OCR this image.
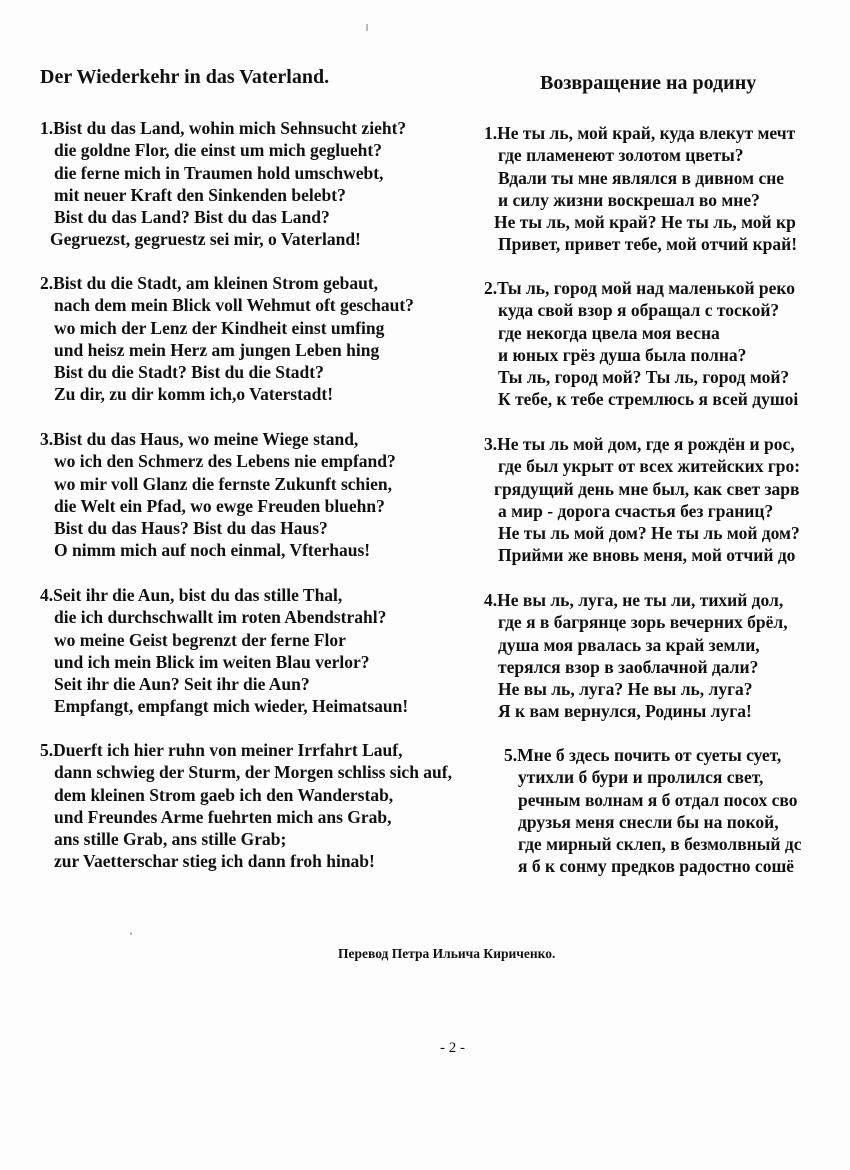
Der Wiederkehr in das Vaterland.
1.Bist du das Land, wohin mich Sehnsucht zieht?
die goldne Flor, die einst um mich geglueht?
die ferne mich in Traumen hold umschwebt,
mit neuer Kraft den Sinkenden belebt?
Bist du das Land? Bist du das Land?
Gegruezst, gegruestz sei mir, o Vaterland!
2.Bist du die Stadt, am kleinen Strom gebaut,
nach dem mein Blick voll Wehmut oft geschaut?
wo mich der Lenz der Kindheit einst umfing
und heisz mein Herz am jungen Leben hing
Bist du die Stadt? Bist du die Stadt?
Zu dir, zu dir komm ich,o Vaterstadt!
3.Bist du das Haus, wo meine Wiege stand,
wo ich den Schmerz des Lebens nie empfand?
wo mir voll Glanz die fernste Zukunft schien,
die Welt ein Pfad, wo ewge Freuden bluehn?
Bist du das Haus? Bist du das Haus?
O nimm mich auf noch einmal, Vfterhaus!
4.Seit ihr die Aun, bist du das stille Thal,
die ich durchschwallt im roten Abendstrahl?
wo meine Geist begrenzt der ferne Flor
und ich mein Blick im weiten Blau verlor?
Seit ihr die Aun? Seit ihr die Aun?
Empfangt, empfangt mich wieder, Heimatsaun!
5.Duerft ich hier ruhn von meiner Irrfahrt Lauf,
dann schwieg der Sturm, der Morgen schliss sich auf,
dem kleinen Strom gaeb ich den Wanderstab,
und Freundes Arme fuehrten mich ans Grab,
ans stille Grab, ans stille Grab;
zur Vaetterschar stieg ich dann froh hinab!
Возвращение на родину
1.Не ты ль, мой край, куда влекут мечт
где пламенеют золотом цветы?
Вдали ты мне являлся в дивном сне
и силу жизни воскрешал во мне?
Не ты ль, мой край? Не ты ль, мой кр
Привет, привет тебе, мой отчий край!
2.Ты ль, город мой над маленькой реко
куда свой взор я обращал с тоской?
где некогда цвела моя весна
и юных грёз душа была полна?
Ты ль, город мой? Ты ль, город мой?
К тебе, к тебе стремлюсь я всей душоі
3.Не ты ль мой дом, где я рождён и рос,
где был укрыт от всех житейских гро:
грядущий день мне был, как свет зарв
а мир - дорога счастья без границ?
Не ты ль мой дом? Не ты ль мой дом?
Прийми же вновь меня, мой отчий до
4.Не вы ль, луга, не ты ли, тихий дол,
где я в багрянце зорь вечерних брёл,
душа моя рвалась за край земли,
терялся взор в заоблачной дали?
Не вы ль, луга? Не вы ль, луга?
Я к вам вернулся, Родины луга!
5.Мне б здесь почить от суеты сует,
утихли б бури и пролился свет,
речным волнам я б отдал посох сво
друзья меня снесли бы на покой,
где мирный склеп, в безмолвный дс
я б к сонму предков радостно сошё
Перевод Петра Ильича Кириченко.
- 2 -
